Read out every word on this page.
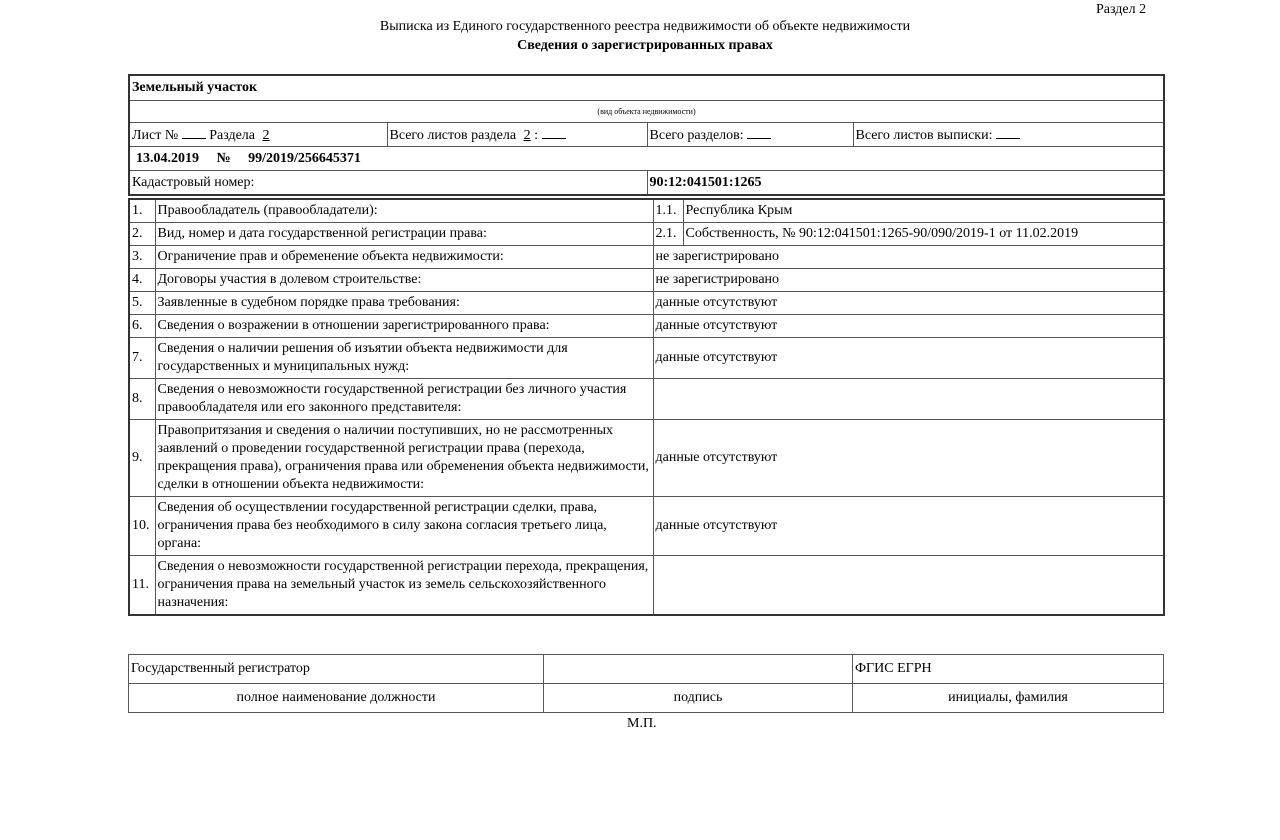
Раздел 2
Выписка из Единого государственного реестра недвижимости об объекте недвижимости
Сведения о зарегистрированных правах
Земельный участок			
(вид объекта недвижимости)			
Лист № Раздела 2	Всего листов раздела 2 :	Всего разделов:	Всего листов выписки:
13.04.2019 № 99/2019/256645371			
Кадастровый номер:		90:12:041501:1265	
1.	Правообладатель (правообладатели):	1.1.	Республика Крым
2.	Вид, номер и дата государственной регистрации права:	2.1.	Собственность, № 90:12:041501:1265-90/090/2019-1 от 11.02.2019
3.	Ограничение прав и обременение объекта недвижимости:	не зарегистрировано	
4.	Договоры участия в долевом строительстве:	не зарегистрировано	
5.	Заявленные в судебном порядке права требования:	данные отсутствуют	
6.	Сведения о возражении в отношении зарегистрированного права:	данные отсутствуют	
7.	Сведения о наличии решения об изъятии объекта недвижимости для государственных и муниципальных нужд:	данные отсутствуют	
8.	Сведения о невозможности государственной регистрации без личного участия правообладателя или его законного представителя:		
9.	Правопритязания и сведения о наличии поступивших, но не рассмотренных заявлений о проведении государственной регистрации права (перехода, прекращения права), ограничения права или обременения объекта недвижимости, сделки в отношении объекта недвижимости:	данные отсутствуют	
10.	Сведения об осуществлении государственной регистрации сделки, права, ограничения права без необходимого в силу закона согласия третьего лица, органа:	данные отсутствуют	
11.	Сведения о невозможности государственной регистрации перехода, прекращения, ограничения права на земельный участок из земель сельскохозяйственного назначения:		
Государственный регистратор		ФГИС ЕГРН
полное наименование должности	подпись	инициалы, фамилия
М.П.
